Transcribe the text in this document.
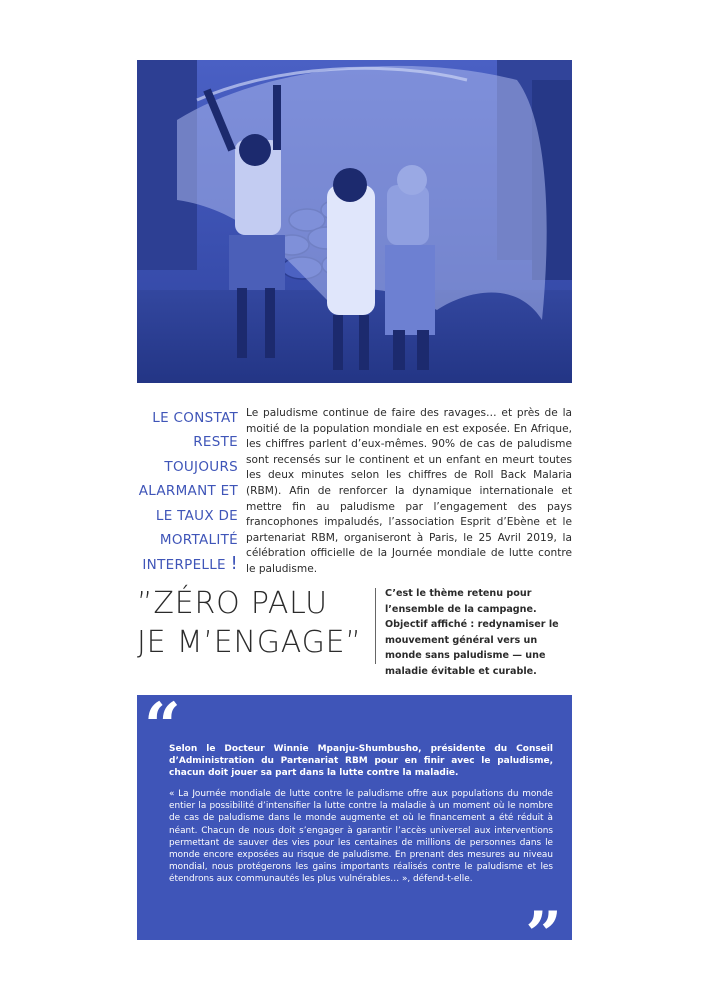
LE CONSTAT
RESTE
TOUJOURS
ALARMANT ET
LE TAUX DE
MORTALITÉ
INTERPELLE !

Le paludisme continue de faire des ravages… et près de la moitié de la population mondiale en est exposée. En Afrique, les chiffres parlent d’eux-mêmes. 90% de cas de paludisme sont recensés sur le continent et un enfant en meurt toutes les deux minutes selon les chiffres de Roll Back Malaria (RBM). Afin de renforcer la dynamique internationale et mettre fin au paludisme par l’engagement des pays francophones impaludés, l’association Esprit d’Ebène et le partenariat RBM, organiseront à Paris, le 25 Avril 2019, la célébration officielle de la Journée mondiale de lutte contre le paludisme.

”ZÉRO PALU
JE M’ENGAGE”
C’est le thème retenu pour l’ensemble de la campagne. Objectif affiché : redynamiser le mouvement général vers un monde sans paludisme — une maladie évitable et curable.
“

Selon le Docteur Winnie Mpanju-Shumbusho, présidente du Conseil d’Administration du Partenariat RBM pour en finir avec le paludisme, chacun doit jouer sa part dans la lutte contre la maladie.

« La Journée mondiale de lutte contre le paludisme offre aux populations du monde entier la possibilité d’intensifier la lutte contre la maladie à un moment où le nombre de cas de paludisme dans le monde augmente et où le financement a été réduit à néant. Chacun de nous doit s’engager à garantir l’accès universel aux interventions permettant de sauver des vies pour les centaines de millions de personnes dans le monde encore exposées au risque de paludisme. En prenant des mesures au niveau mondial, nous protégerons les gains importants réalisés contre le paludisme et les étendrons aux communautés les plus vulnérables… », défend-t-elle.

”
